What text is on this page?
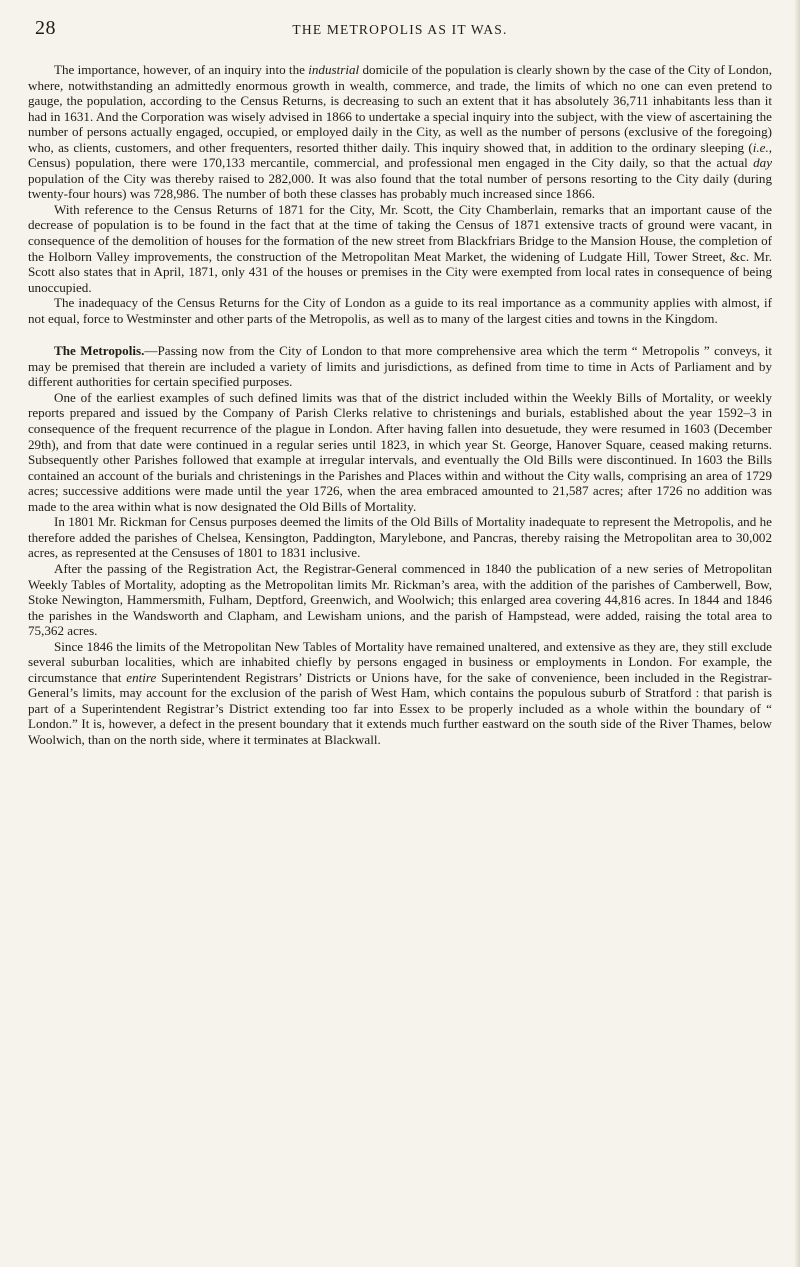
28	THE METROPOLIS AS IT WAS.

The importance, however, of an inquiry into the industrial domicile of the population is clearly shown by the case of the City of London, where, notwithstanding an admittedly enormous growth in wealth, commerce, and trade, the limits of which no one can even pretend to gauge, the population, according to the Census Returns, is decreasing to such an extent that it has absolutely 36,711 inhabitants less than it had in 1631. And the Corporation was wisely advised in 1866 to undertake a special inquiry into the subject, with the view of ascertaining the number of persons actually engaged, occupied, or employed daily in the City, as well as the number of persons (exclusive of the foregoing) who, as clients, customers, and other frequenters, resorted thither daily. This inquiry showed that, in addition to the ordinary sleeping (i.e., Census) population, there were 170,133 mercantile, commercial, and professional men engaged in the City daily, so that the actual day population of the City was thereby raised to 282,000. It was also found that the total number of persons resorting to the City daily (during twenty-four hours) was 728,986. The number of both these classes has probably much increased since 1866.

With reference to the Census Returns of 1871 for the City, Mr. Scott, the City Chamberlain, remarks that an important cause of the decrease of population is to be found in the fact that at the time of taking the Census of 1871 extensive tracts of ground were vacant, in consequence of the demolition of houses for the formation of the new street from Blackfriars Bridge to the Mansion House, the completion of the Holborn Valley improvements, the construction of the Metropolitan Meat Market, the widening of Ludgate Hill, Tower Street, &c. Mr. Scott also states that in April, 1871, only 431 of the houses or premises in the City were exempted from local rates in consequence of being unoccupied.

The inadequacy of the Census Returns for the City of London as a guide to its real importance as a community applies with almost, if not equal, force to Westminster and other parts of the Metropolis, as well as to many of the largest cities and towns in the Kingdom.

The Metropolis.—Passing now from the City of London to that more comprehensive area which the term “ Metropolis ” conveys, it may be premised that therein are included a variety of limits and jurisdictions, as defined from time to time in Acts of Parliament and by different authorities for certain specified purposes.

One of the earliest examples of such defined limits was that of the district included within the Weekly Bills of Mortality, or weekly reports prepared and issued by the Company of Parish Clerks relative to christenings and burials, established about the year 1592–3 in consequence of the frequent recurrence of the plague in London. After having fallen into desuetude, they were resumed in 1603 (December 29th), and from that date were continued in a regular series until 1823, in which year St. George, Hanover Square, ceased making returns. Subsequently other Parishes followed that example at irregular intervals, and eventually the Old Bills were discontinued. In 1603 the Bills contained an account of the burials and christenings in the Parishes and Places within and without the City walls, comprising an area of 1729 acres; successive additions were made until the year 1726, when the area embraced amounted to 21,587 acres; after 1726 no addition was made to the area within what is now designated the Old Bills of Mortality.

In 1801 Mr. Rickman for Census purposes deemed the limits of the Old Bills of Mortality inadequate to represent the Metropolis, and he therefore added the parishes of Chelsea, Kensington, Paddington, Marylebone, and Pancras, thereby raising the Metropolitan area to 30,002 acres, as represented at the Censuses of 1801 to 1831 inclusive.

After the passing of the Registration Act, the Registrar-General commenced in 1840 the publication of a new series of Metropolitan Weekly Tables of Mortality, adopting as the Metropolitan limits Mr. Rickman’s area, with the addition of the parishes of Camberwell, Bow, Stoke Newington, Hammersmith, Fulham, Deptford, Greenwich, and Woolwich; this enlarged area covering 44,816 acres. In 1844 and 1846 the parishes in the Wandsworth and Clapham, and Lewisham unions, and the parish of Hampstead, were added, raising the total area to 75,362 acres.

Since 1846 the limits of the Metropolitan New Tables of Mortality have remained unaltered, and extensive as they are, they still exclude several suburban localities, which are inhabited chiefly by persons engaged in business or employments in London. For example, the circumstance that entire Superintendent Registrars’ Districts or Unions have, for the sake of convenience, been included in the Registrar-General’s limits, may account for the exclusion of the parish of West Ham, which contains the populous suburb of Stratford : that parish is part of a Superintendent Registrar’s District extending too far into Essex to be properly included as a whole within the boundary of “ London.” It is, however, a defect in the present boundary that it extends much further eastward on the south side of the River Thames, below Woolwich, than on the north side, where it terminates at Blackwall.
